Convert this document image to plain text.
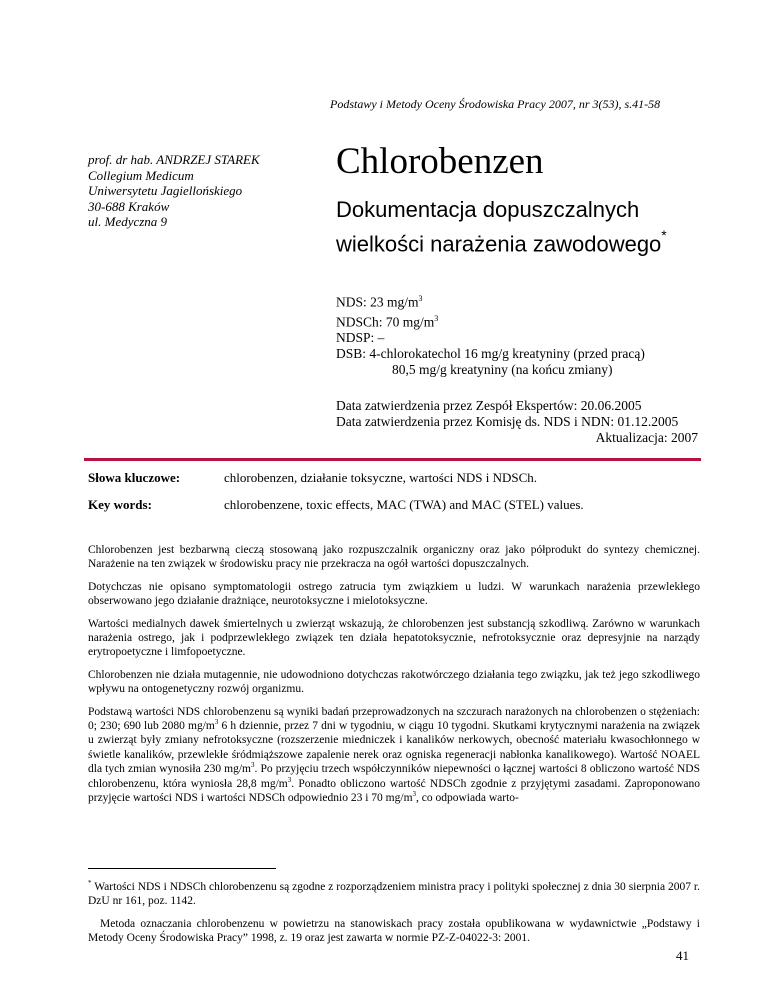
Podstawy i Metody Oceny Środowiska Pracy 2007, nr 3(53), s.41-58
prof. dr hab. ANDRZEJ STAREK
Collegium Medicum
Uniwersytetu Jagiellońskiego
30-688 Kraków
ul. Medyczna 9
Chlorobenzen
Dokumentacja dopuszczalnych
wielkości narażenia zawodowego*
NDS: 23 $mg/m^3$
NDSCh: 70 $mg/m^3$
NDSP: –
DSB: 4-chlorokatechol 16 mg/g kreatyniny (przed pracą)
80,5 mg/g kreatyniny (na końcu zmiany)
Data zatwierdzenia przez Zespół Ekspertów: 20.06.2005
Data zatwierdzenia przez Komisję ds. NDS i NDN: 01.12.2005
Aktualizacja: 2007
Słowa kluczowe:	chlorobenzen, działanie toksyczne, wartości NDS i NDSCh.
Key words:	chlorobenzene, toxic effects, MAC (TWA) and MAC (STEL) values.

Chlorobenzen jest bezbarwną cieczą stosowaną jako rozpuszczalnik organiczny oraz jako półprodukt do syntezy chemicznej. Narażenie na ten związek w środowisku pracy nie przekracza na ogół wartości dopuszczalnych.

Dotychczas nie opisano symptomatologii ostrego zatrucia tym związkiem u ludzi. W warunkach narażenia przewlekłego obserwowano jego działanie drażniące, neurotoksyczne i mielotoksyczne.

Wartości medialnych dawek śmiertelnych u zwierząt wskazują, że chlorobenzen jest substancją szkodliwą. Zarówno w warunkach narażenia ostrego, jak i podprzewlekłego związek ten działa hepatotoksycznie, nefrotoksycznie oraz depresyjnie na narządy erytropoetyczne i limfopoetyczne.

Chlorobenzen nie działa mutagennie, nie udowodniono dotychczas rakotwórczego działania tego związku, jak też jego szkodliwego wpływu na ontogenetyczny rozwój organizmu.

Podstawą wartości NDS chlorobenzenu są wyniki badań przeprowadzonych na szczurach narażonych na chlorobenzen o stężeniach: 0; 230; 690 lub 2080 $mg/m^3$ 6 h dziennie, przez 7 dni w tygodniu, w ciągu 10 tygodni. Skutkami krytycznymi narażenia na związek u zwierząt były zmiany nefrotoksyczne (rozszerzenie miedniczek i kanalików nerkowych, obecność materiału kwasochłonnego w świetle kanalików, przewlekłe śródmiąższowe zapalenie nerek oraz ogniska regeneracji nabłonka kanalikowego). Wartość NOAEL dla tych zmian wynosiła 230 $mg/m^3$. Po przyjęciu trzech współczynników niepewności o łącznej wartości 8 obliczono wartość NDS chlorobenzenu, która wyniosła 28,8 $mg/m^3$. Ponadto obliczono wartość NDSCh zgodnie z przyjętymi zasadami. Zaproponowano przyjęcie wartości NDS i wartości NDSCh odpowiednio 23 i 70 $mg/m^3$, co odpowiada warto-

* Wartości NDS i NDSCh chlorobenzenu są zgodne z rozporządzeniem ministra pracy i polityki społecznej z dnia 30 sierpnia 2007 r. DzU nr 161, poz. 1142.

Metoda oznaczania chlorobenzenu w powietrzu na stanowiskach pracy została opublikowana w wydawnictwie „Podstawy i Metody Oceny Środowiska Pracy” 1998, z. 19 oraz jest zawarta w normie PZ-Z-04022-3: 2001.

41
